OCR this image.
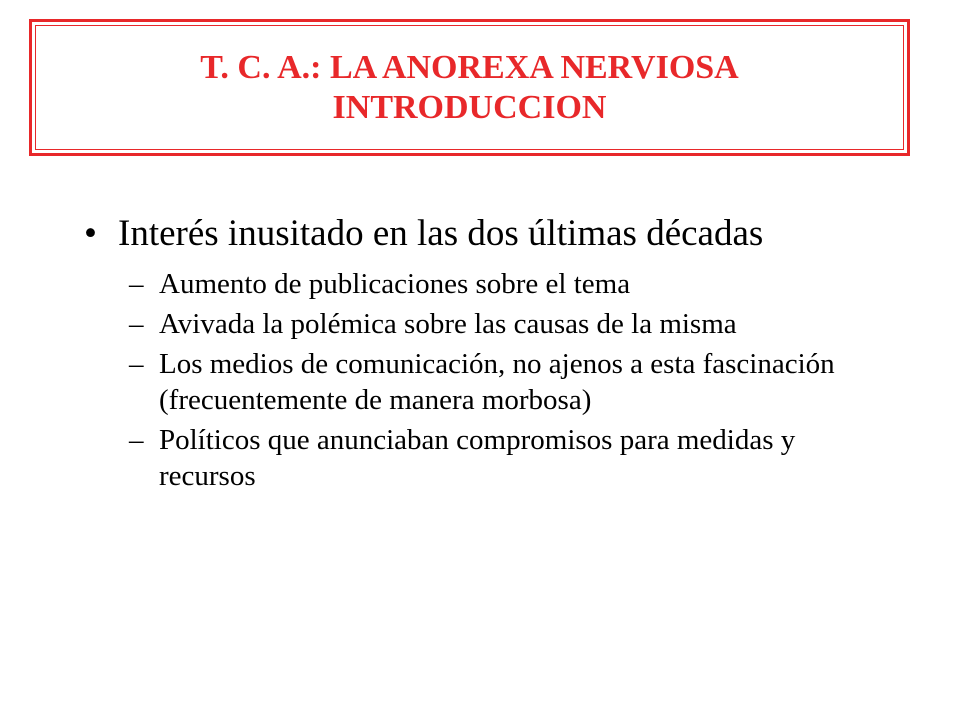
T. C. A.: LA ANOREXA NERVIOSA
INTRODUCCION
• Interés inusitado en las dos últimas décadas
– Aumento de publicaciones sobre el tema
– Avivada la polémica sobre las causas de la misma
– Los medios de comunicación, no ajenos a esta fascinación (frecuentemente de manera morbosa)
– Políticos que anunciaban compromisos para medidas y recursos
